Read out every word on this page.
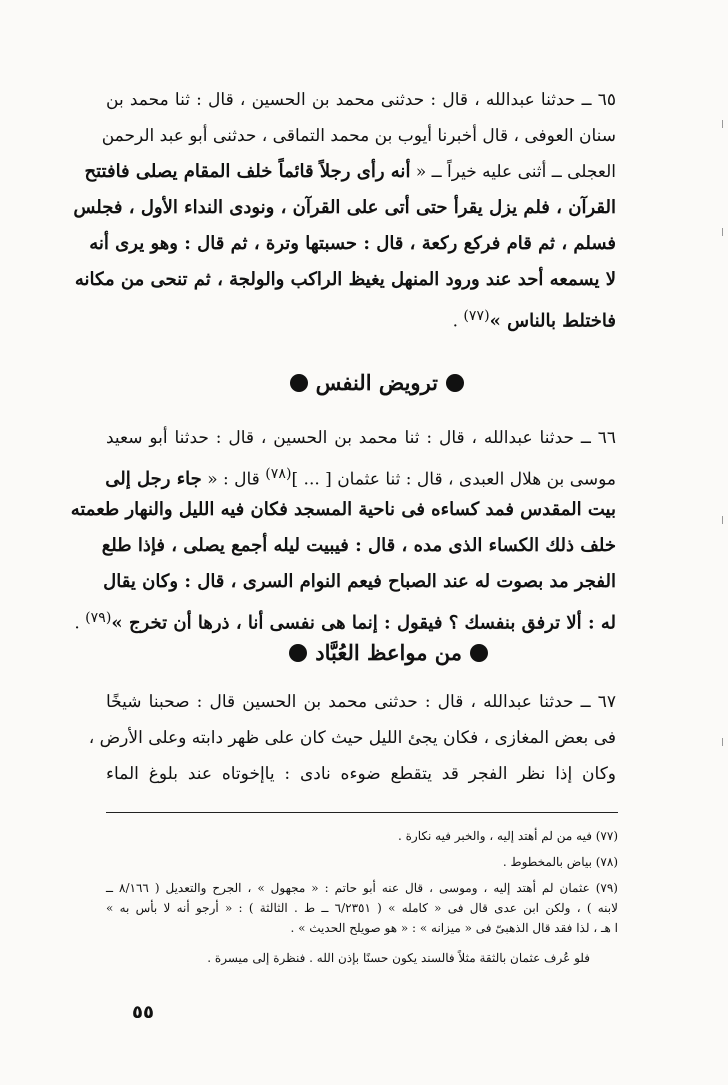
٦٥ ــ حدثنا عبدالله ، قال : حدثنى محمد بن الحسين ، قال : ثنا محمد بن
سنان العوفى ، قال أخبرنا أيوب بن محمد التماقى ، حدثنى أبو عبد الرحمن
العجلى ــ أثنى عليه خيراً ــ « أنه رأى رجلاً قائماً خلف المقام يصلى فافتتح
القرآن ، فلم يزل يقرأ حتى أتى على القرآن ، ونودى النداء الأول ، فجلس
فسلم ، ثم قام فركع ركعة ، قال : حسبتها وترة ، ثم قال : وهو يرى أنه
لا يسمعه أحد عند ورود المنهل يغيظ الراكب والولجة ، ثم تنحى من مكانه
فاختلط بالناس »$^{(٧٧)}$ .
ترويض النفس
٦٦ ــ حدثنا عبدالله ، قال : ثنا محمد بن الحسين ، قال : حدثنا أبو سعيد
موسى بن هلال العبدى ، قال : ثنا عثمان [ ... ]$^{(٧٨)}$ قال : « جاء رجل إلى
بيت المقدس فمد كساءه فى ناحية المسجد فكان فيه الليل والنهار طعمته
خلف ذلك الكساء الذى مده ، قال : فيبيت ليله أجمع يصلى ، فإذا طلع
الفجر مد بصوت له عند الصباح فيعم النوام السرى ، قال : وكان يقال
له : ألا ترفق بنفسك ؟ فيقول : إنما هى نفسى أنا ، ذرها أن تخرج »$^{(٧٩)}$ .
من مواعظ العُبَّاد
٦٧ ــ حدثنا عبدالله ، قال : حدثنى محمد بن الحسين قال : صحبنا شيخًا
فى بعض المغازى ، فكان يجئ الليل حيث كان على ظهر دابته وعلى الأرض ،
وكان إذا نظر الفجر قد يتقطع ضوءه نادى : ياإخوتاه عند بلوغ الماء
(٧٧) فيه من لم أهتد إليه ، والخبر فيه نكارة .
(٧٨) بياض بالمخطوط .
(٧٩) عثمان لم أهتد إليه ، وموسى ، قال عنه أبو حاتم : « مجهول » ، الجرح والتعديل ( ٨/١٦٦ ــ
لابنه ) ، ولكن ابن عدى قال فى « كامله » ( ٦/٢٣٥١ ــ ط . الثالثة ) : « أرجو أنه لا بأس به »
ا هـ ، لذا فقد قال الذهبىّ فى « ميزانه » : « هو صويلح الحديث » .
فلو عُرف عثمان بالثقة مثلاً فالسند يكون حسنًا بإذن الله . فنظرة إلى ميسرة .
٥٥
